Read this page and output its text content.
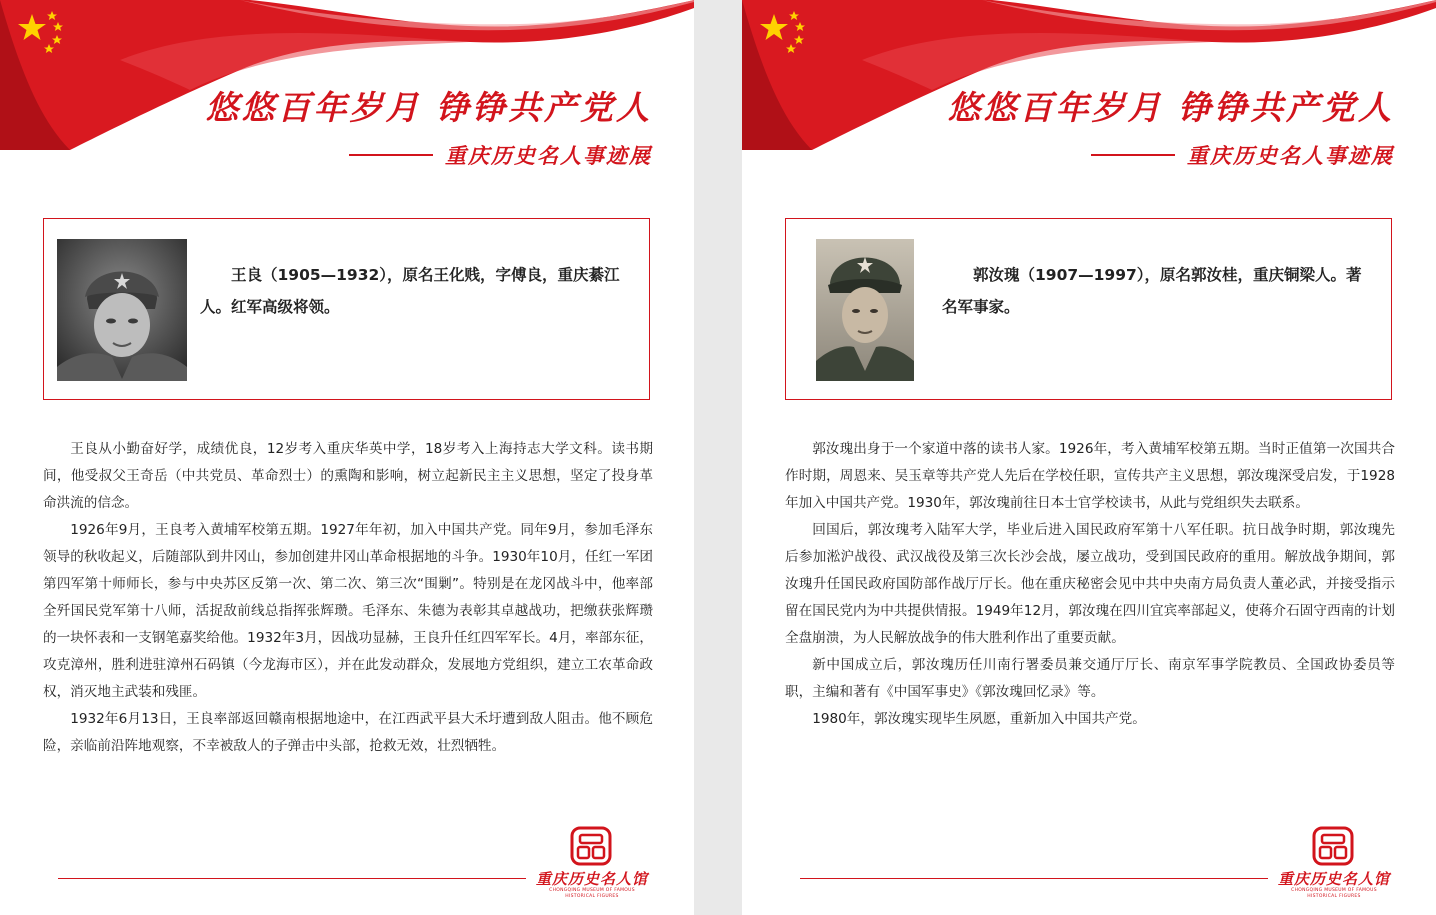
悠悠百年岁月 铮铮共产党人
重庆历史名人事迹展
王良（1905—1932），原名王化贱，字傅良，重庆綦江人。红军高级将领。

王良从小勤奋好学，成绩优良，12岁考入重庆华英中学，18岁考入上海持志大学文科。读书期间，他受叔父王奇岳（中共党员、革命烈士）的熏陶和影响，树立起新民主主义思想，坚定了投身革命洪流的信念。

1926年9月，王良考入黄埔军校第五期。1927年年初，加入中国共产党。同年9月，参加毛泽东领导的秋收起义，后随部队到井冈山，参加创建井冈山革命根据地的斗争。1930年10月，任红一军团第四军第十师师长，参与中央苏区反第一次、第二次、第三次“围剿”。特别是在龙冈战斗中，他率部全歼国民党军第十八师，活捉敌前线总指挥张辉瓒。毛泽东、朱德为表彰其卓越战功，把缴获张辉瓒的一块怀表和一支钢笔嘉奖给他。1932年3月，因战功显赫，王良升任红四军军长。4月，率部东征，攻克漳州，胜利进驻漳州石码镇（今龙海市区），并在此发动群众，发展地方党组织，建立工农革命政权，消灭地主武装和残匪。

1932年6月13日，王良率部返回赣南根据地途中，在江西武平县大禾圩遭到敌人阻击。他不顾危险，亲临前沿阵地观察，不幸被敌人的子弹击中头部，抢救无效，壮烈牺牲。

重庆历史名人馆
CHONGQING MUSEUM OF FAMOUS
HISTORICAL FIGURES
悠悠百年岁月 铮铮共产党人
重庆历史名人事迹展
郭汝瑰（1907—1997），原名郭汝桂，重庆铜梁人。著名军事家。

郭汝瑰出身于一个家道中落的读书人家。1926年，考入黄埔军校第五期。当时正值第一次国共合作时期，周恩来、吴玉章等共产党人先后在学校任职，宣传共产主义思想，郭汝瑰深受启发，于1928年加入中国共产党。1930年，郭汝瑰前往日本士官学校读书，从此与党组织失去联系。

回国后，郭汝瑰考入陆军大学，毕业后进入国民政府军第十八军任职。抗日战争时期，郭汝瑰先后参加淞沪战役、武汉战役及第三次长沙会战，屡立战功，受到国民政府的重用。解放战争期间，郭汝瑰升任国民政府国防部作战厅厅长。他在重庆秘密会见中共中央南方局负责人董必武，并接受指示留在国民党内为中共提供情报。1949年12月，郭汝瑰在四川宜宾率部起义，使蒋介石固守西南的计划全盘崩溃，为人民解放战争的伟大胜利作出了重要贡献。

新中国成立后，郭汝瑰历任川南行署委员兼交通厅厅长、南京军事学院教员、全国政协委员等职，主编和著有《中国军事史》《郭汝瑰回忆录》等。

1980年，郭汝瑰实现毕生夙愿，重新加入中国共产党。

重庆历史名人馆
CHONGQING MUSEUM OF FAMOUS
HISTORICAL FIGURES
